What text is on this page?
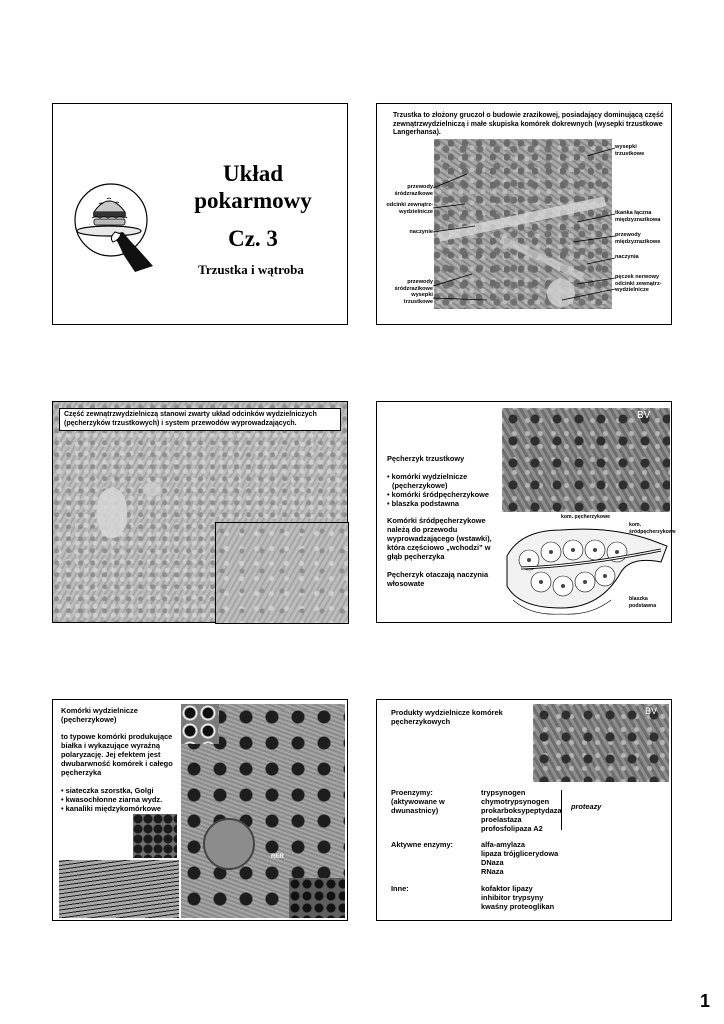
Układ
pokarmowy
Cz. 3
Trzustka i wątroba
Trzustka to złożony gruczoł o budowie zrazikowej, posiadający dominującą część zewnątrzwydzielniczą i małe skupiska komórek dokrewnych (wysepki trzustkowe Langerhansa).
przewody śródzrazikowe
odcinki zewnątrz-wydzielnicze
naczynie
przewody śródzrazikowe wysepki trzustkowe
wysepki trzustkowe
tkanka łączna międzyzrazikowa
przewody międzyzrazikowe
naczynia
pęczek nerwowy odcinki zewnątrz-wydzielnicze
Część zewnątrzwydzielniczą stanowi zwarty układ odcinków wydzielniczych (pęcherzyków trzustkowych) i system przewodów wyprowadzających.
BV
Pęcherzyk trzustkowy
• komórki wydzielnicze
(pęcherzykowe)
• komórki śródpęcherzykowe
• blaszka podstawna
Komórki śródpęcherzykowe należą do przewodu wyprowadzającego (wstawki), która częściowo „wchodzi” w głąb pęcherzyka
Pęcherzyk otaczają naczynia włosowate
kom. pęcherzykowe
kom. śródpęcherzykowe
blaszka podstawna
Komórki wydzielnicze (pęcherzykowe)
to typowe komórki produkujące białka i wykazujące wyraźną polaryzację. Jej efektem jest dwubarwność komórek i całego pęcherzyka
• siateczka szorstka, Golgi
• kwasochłonne ziarna wydz.
• kanaliki międzykomórkowe
RER
Produkty wydzielnicze komórek pęcherzykowych
BV
Proenzymy: (aktywowane w dwunastnicy)
trypsynogen
chymotrypsynogen
prokarboksypeptydaza
proelastaza
profosfolipaza A2
proteazy
Aktywne enzymy:	alfa-amylaza
lipaza trójglicerydowa
DNaza
RNaza
Inne:	kofaktor lipazy
inhibitor trypsyny
kwaśny proteoglikan
1
